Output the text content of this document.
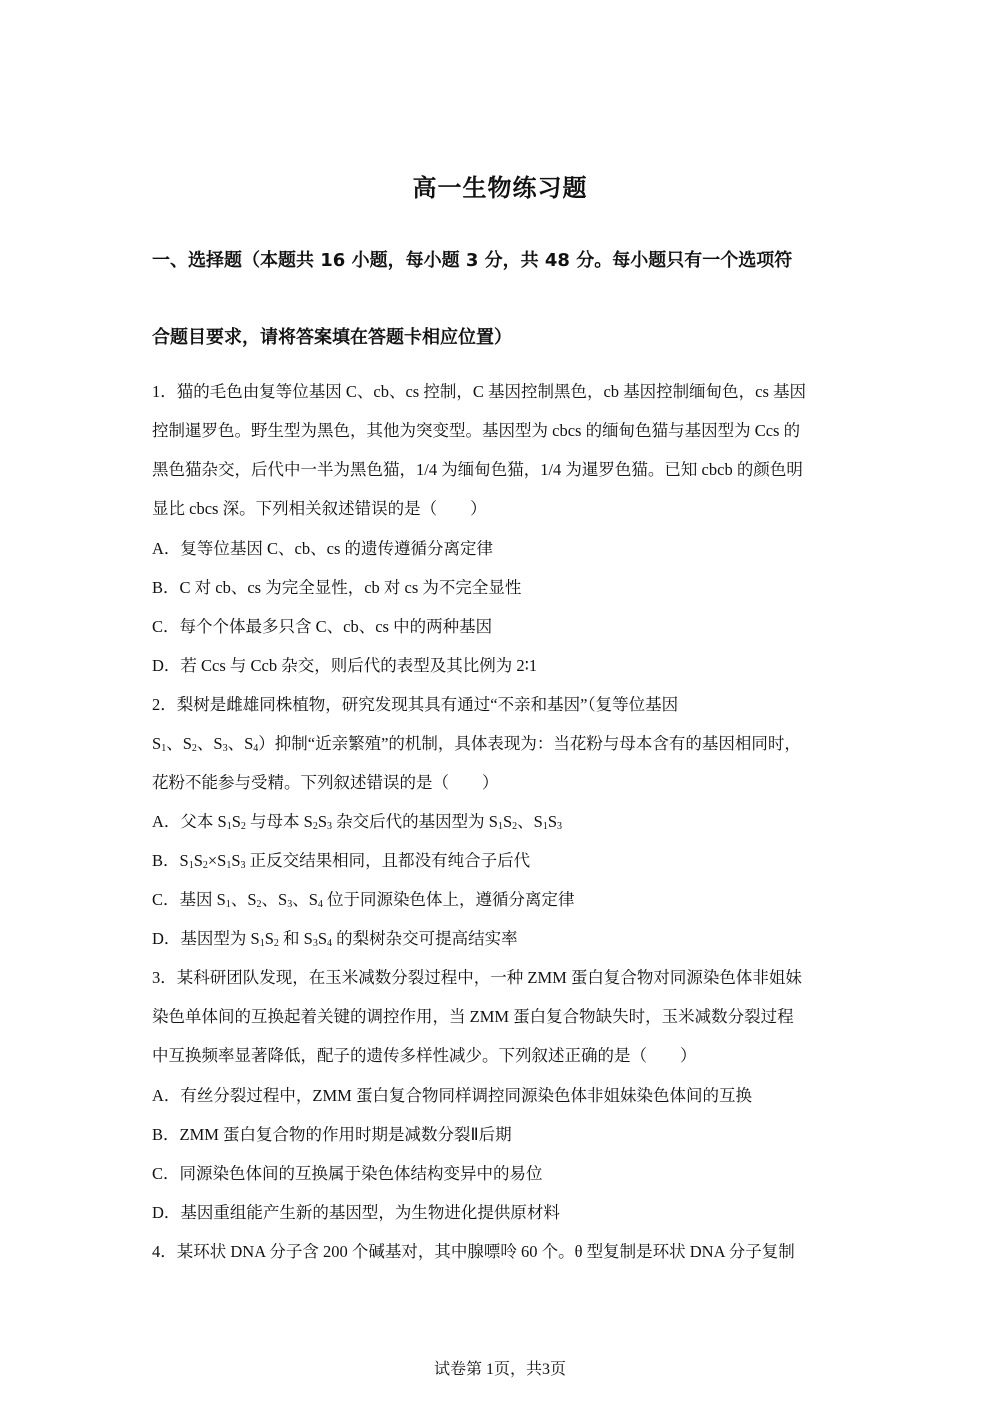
高一生物练习题
一、选择题（本题共 16 小题，每小题 3 分，共 48 分。每小题只有一个选项符
合题目要求，请将答案填在答题卡相应位置）
1．猫的毛色由复等位基因 C、cb、cs 控制，C 基因控制黑色，cb 基因控制缅甸色，cs 基因
控制暹罗色。野生型为黑色，其他为突变型。基因型为 cbcs 的缅甸色猫与基因型为 Ccs 的
黑色猫杂交，后代中一半为黑色猫，1/4 为缅甸色猫，1/4 为暹罗色猫。已知 cbcb 的颜色明
显比 cbcs 深。下列相关叙述错误的是（　　）
A．复等位基因 C、cb、cs 的遗传遵循分离定律
B．C 对 cb、cs 为完全显性，cb 对 cs 为不完全显性
C．每个个体最多只含 C、cb、cs 中的两种基因
D．若 Ccs 与 Ccb 杂交，则后代的表型及其比例为 2∶1
2．梨树是雌雄同株植物，研究发现其具有通过“不亲和基因”（复等位基因
$S_1$、$S_2$、$S_3$、$S_4$）抑制“近亲繁殖”的机制，具体表现为：当花粉与母本含有的基因相同时，
花粉不能参与受精。下列叙述错误的是（　　）
A．父本 $S_1S_2$ 与母本 $S_2S_3$ 杂交后代的基因型为 $S_1S_2$、$S_1S_3$
B．$S_1S_2\times S_1S_3$ 正反交结果相同，且都没有纯合子后代
C．基因 $S_1$、$S_2$、$S_3$、$S_4$ 位于同源染色体上，遵循分离定律
D．基因型为 $S_1S_2$ 和 $S_3S_4$ 的梨树杂交可提高结实率
3．某科研团队发现，在玉米减数分裂过程中，一种 ZMM 蛋白复合物对同源染色体非姐妹
染色单体间的互换起着关键的调控作用，当 ZMM 蛋白复合物缺失时，玉米减数分裂过程
中互换频率显著降低，配子的遗传多样性减少。下列叙述正确的是（　　）
A．有丝分裂过程中，ZMM 蛋白复合物同样调控同源染色体非姐妹染色体间的互换
B．ZMM 蛋白复合物的作用时期是减数分裂Ⅱ后期
C．同源染色体间的互换属于染色体结构变异中的易位
D．基因重组能产生新的基因型，为生物进化提供原材料
4．某环状 DNA 分子含 200 个碱基对，其中腺嘌呤 60 个。θ 型复制是环状 DNA 分子复制
试卷第 1页，共3页
